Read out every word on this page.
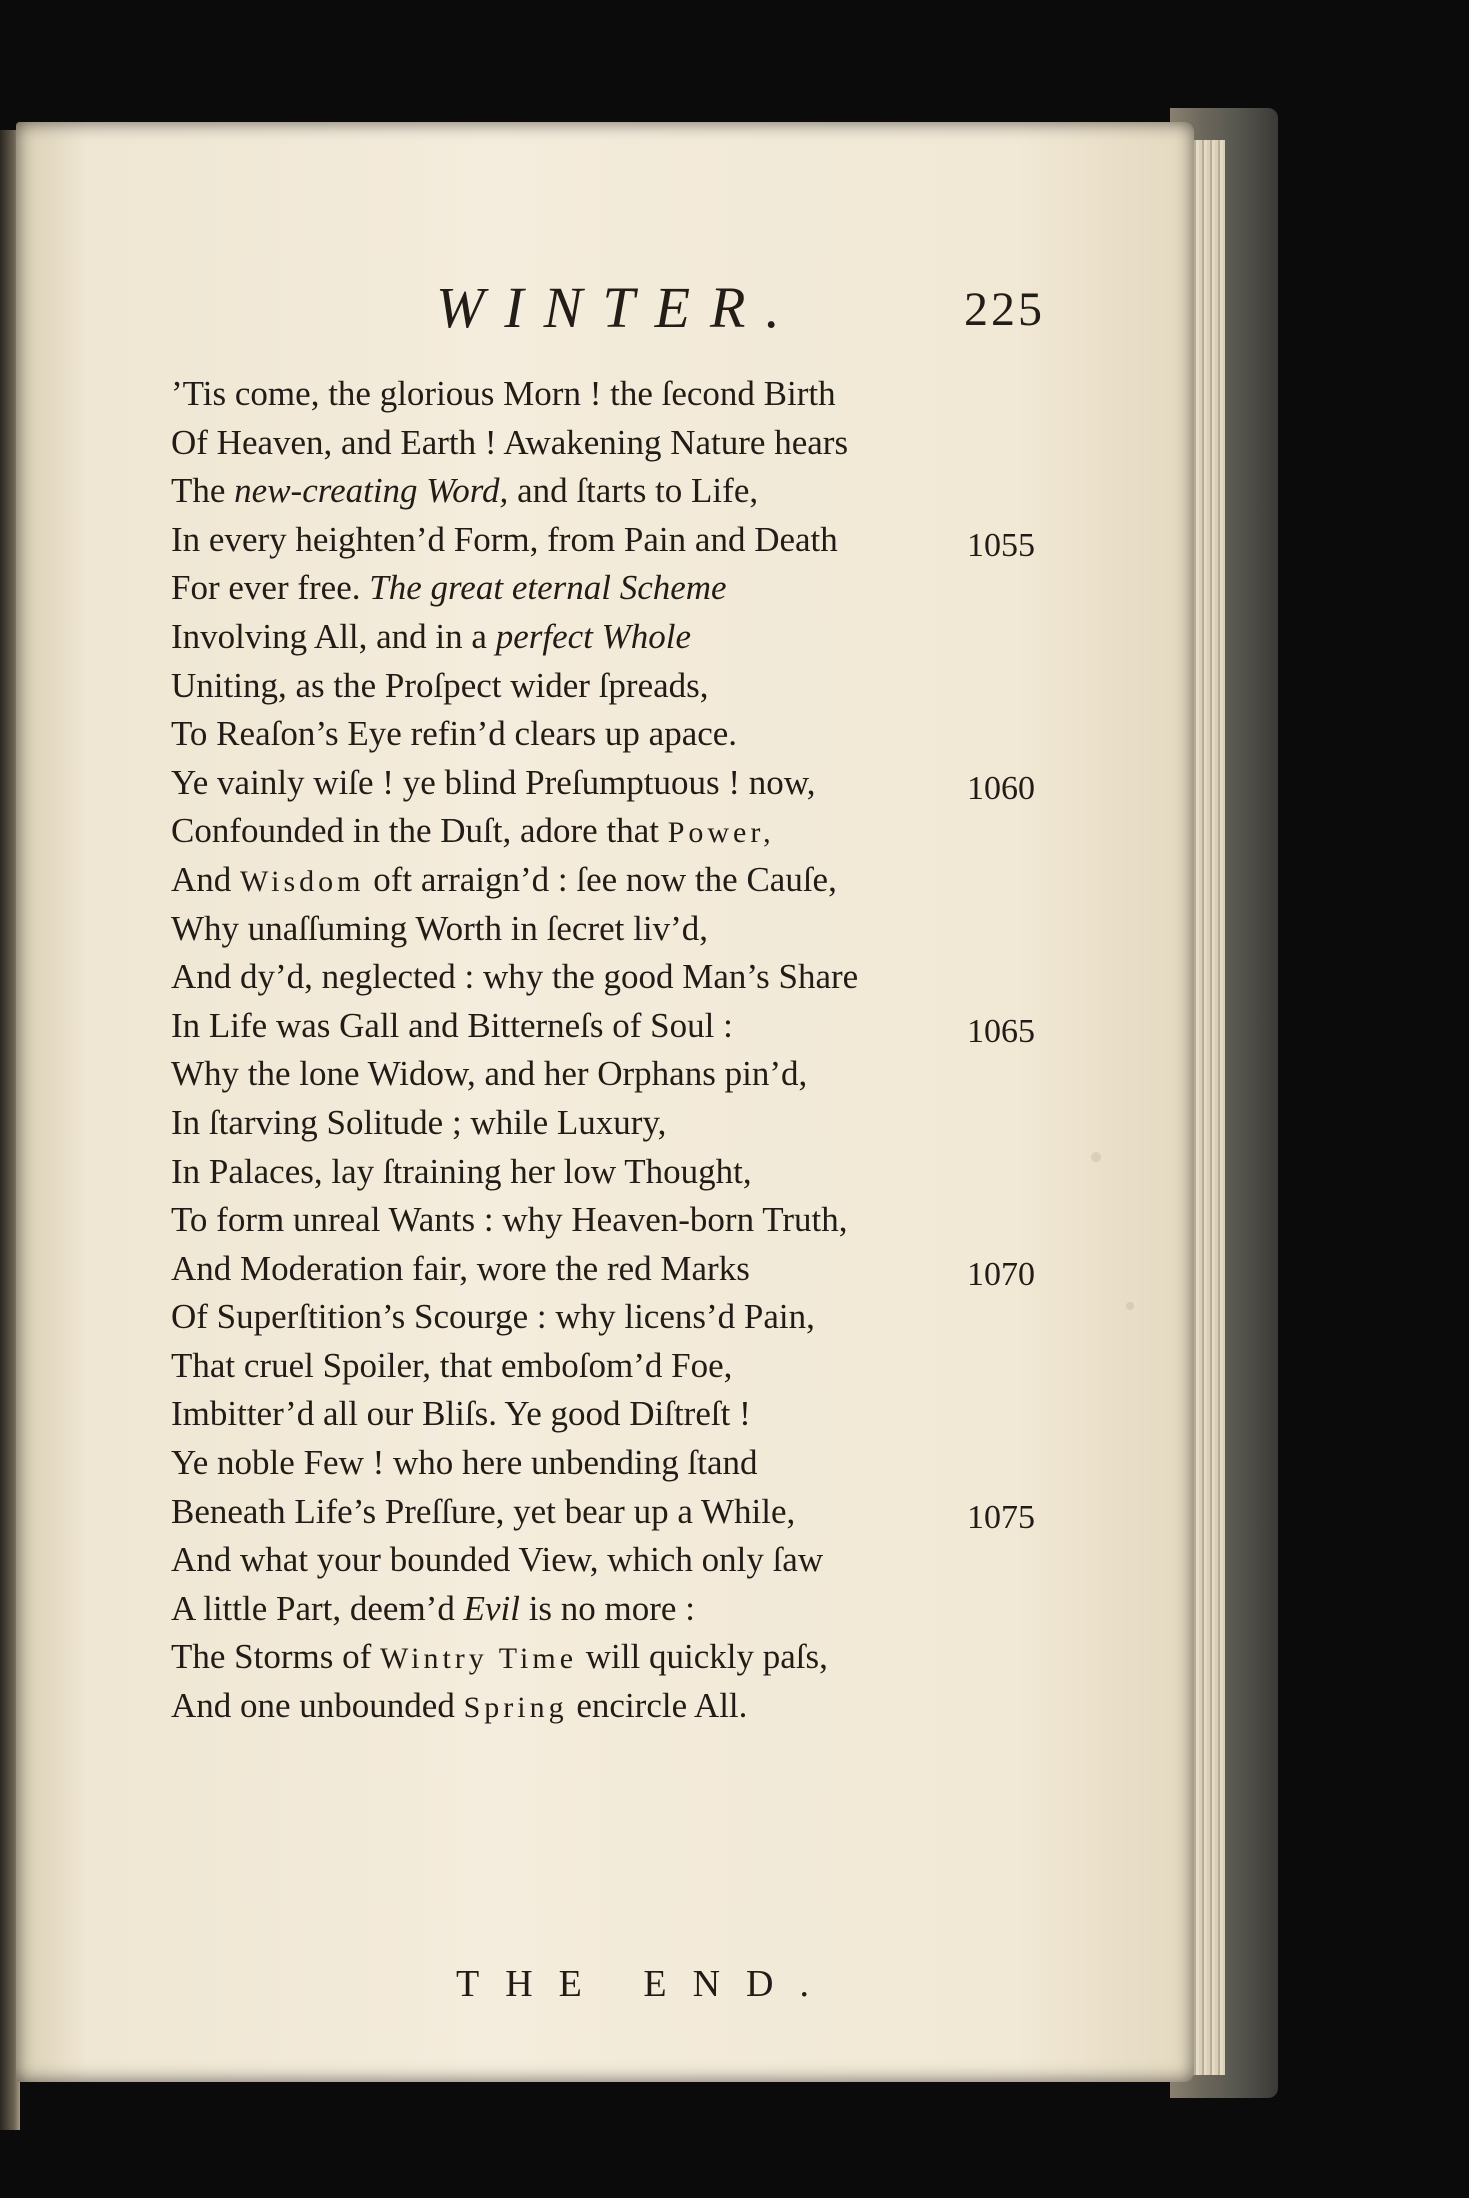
WINTER.	225
’Tis come, the glorious Morn ! the ſecond Birth
Of Heaven, and Earth ! Awakening Nature hears
The new-creating Word, and ſtarts to Life,
In every heighten’d Form, from Pain and Death	1055
For ever free. The great eternal Scheme
Involving All, and in a perfect Whole
Uniting, as the Proſpect wider ſpreads,
To Reaſon’s Eye refin’d clears up apace.
Ye vainly wiſe ! ye blind Preſumptuous ! now,	1060
Confounded in the Duſt, adore that Power,
And Wisdom oft arraign’d : ſee now the Cauſe,
Why unaſſuming Worth in ſecret liv’d,
And dy’d, neglected : why the good Man’s Share
In Life was Gall and Bitterneſs of Soul :	1065
Why the lone Widow, and her Orphans pin’d,
In ſtarving Solitude ; while Luxury,
In Palaces, lay ſtraining her low Thought,
To form unreal Wants : why Heaven-born Truth,
And Moderation fair, wore the red Marks	1070
Of Superſtition’s Scourge : why licens’d Pain,
That cruel Spoiler, that emboſom’d Foe,
Imbitter’d all our Bliſs. Ye good Diſtreſt !
Ye noble Few ! who here unbending ſtand
Beneath Life’s Preſſure, yet bear up a While,	1075
And what your bounded View, which only ſaw
A little Part, deem’d Evil is no more :
The Storms of Wintry Time will quickly paſs,
And one unbounded Spring encircle All.
THE END.
